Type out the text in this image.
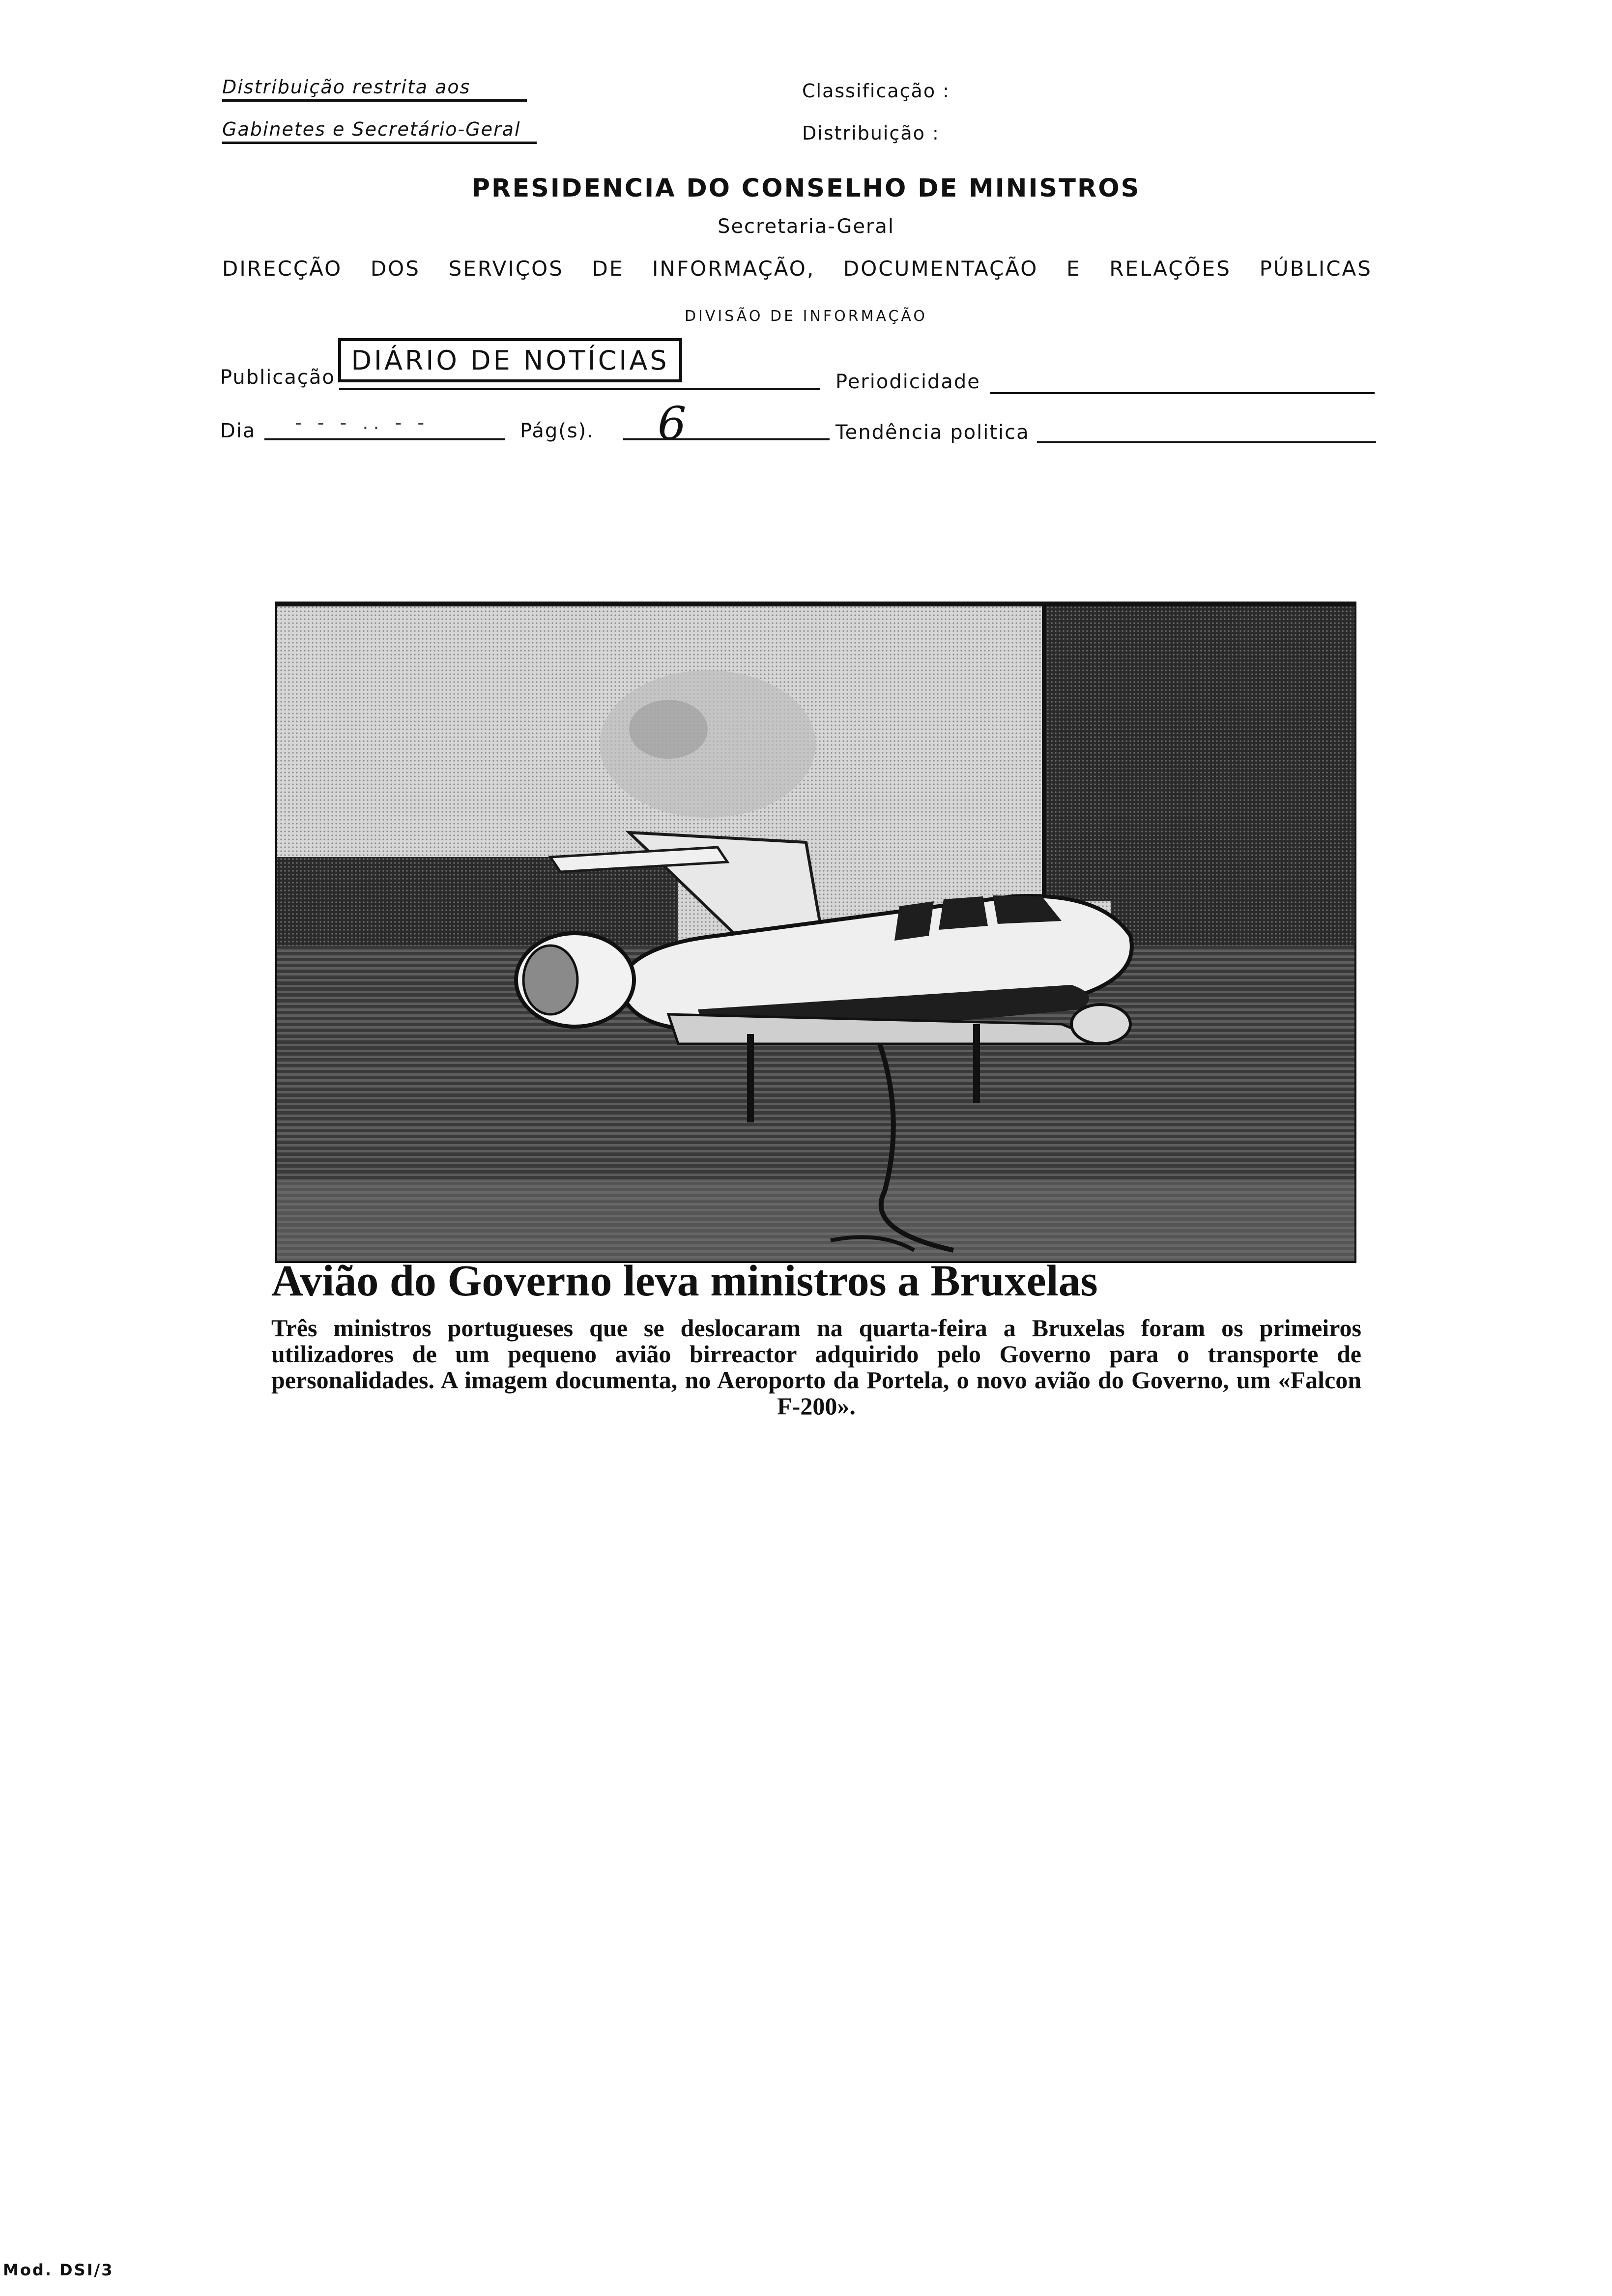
Distribuição restrita aos
Gabinetes e Secretário-Geral
Classificação :
Distribuição :
PRESIDENCIA DO CONSELHO DE MINISTROS
Secretaria-Geral
DIRECÇÃO DOS SERVIÇOS DE INFORMAÇÃO, DOCUMENTAÇÃO E RELAÇÕES PÚBLICAS
DIVISÃO DE INFORMAÇÃO
Publicação
DIÁRIO DE NOTÍCIAS
Periodicidade
Dia - - - .. - -	Pág(s). 6	Tendência politica
Avião do Governo leva ministros a Bruxelas
Três ministros portugueses que se deslocaram na quarta-feira a Bruxelas foram os primeiros utilizadores de um pequeno avião birreactor adquirido pelo Governo para o transporte de personalidades. A imagem documenta, no Aeroporto da Portela, o novo avião do Governo, um «Falcon F-200».
Mod. DSI/3
